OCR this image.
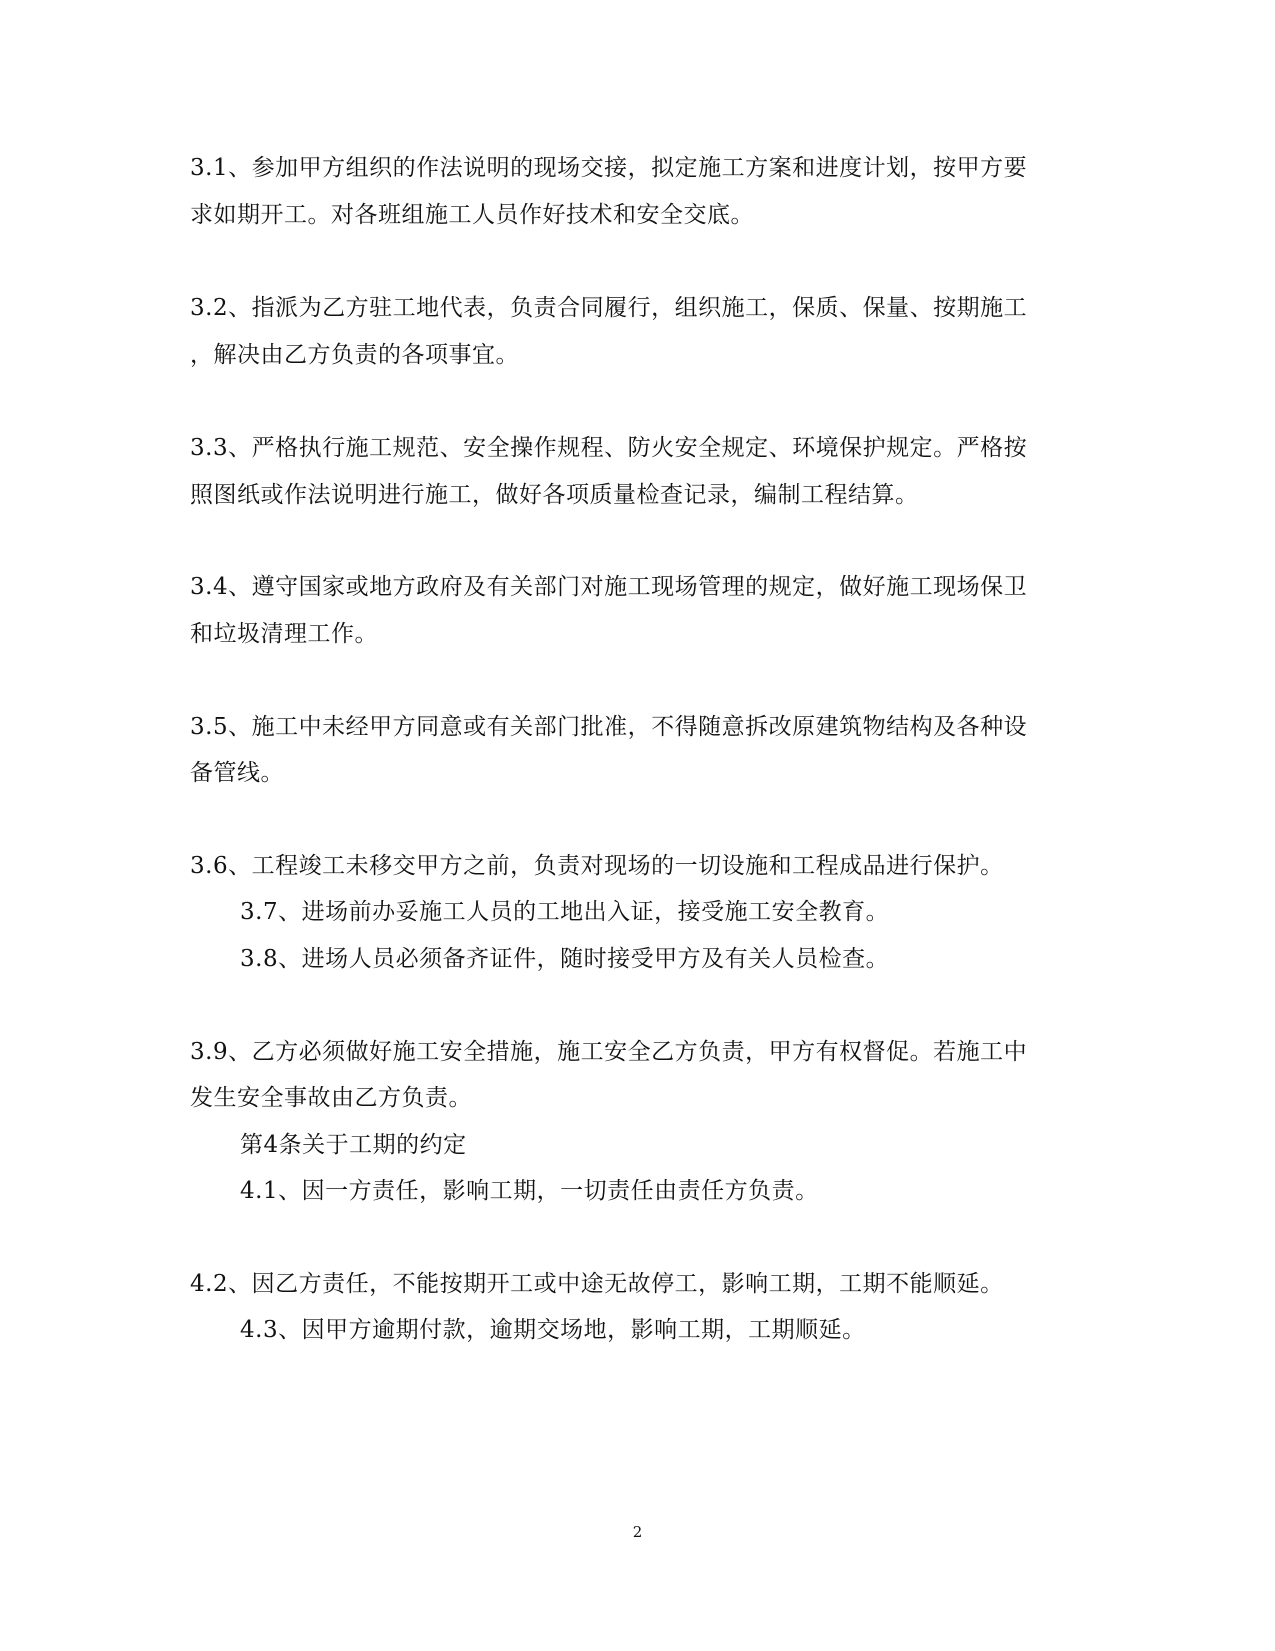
3.1、参加甲方组织的作法说明的现场交接，拟定施工方案和进度计划，按甲方要
求如期开工。对各班组施工人员作好技术和安全交底。
3.2、指派为乙方驻工地代表，负责合同履行，组织施工，保质、保量、按期施工
，解决由乙方负责的各项事宜。
3.3、严格执行施工规范、安全操作规程、防火安全规定、环境保护规定。严格按
照图纸或作法说明进行施工，做好各项质量检查记录，编制工程结算。
3.4、遵守国家或地方政府及有关部门对施工现场管理的规定，做好施工现场保卫
和垃圾清理工作。
3.5、施工中未经甲方同意或有关部门批准，不得随意拆改原建筑物结构及各种设
备管线。
3.6、工程竣工未移交甲方之前，负责对现场的一切设施和工程成品进行保护。
3.7、进场前办妥施工人员的工地出入证，接受施工安全教育。
3.8、进场人员必须备齐证件，随时接受甲方及有关人员检查。
3.9、乙方必须做好施工安全措施，施工安全乙方负责，甲方有权督促。若施工中
发生安全事故由乙方负责。
第4条关于工期的约定
4.1、因一方责任，影响工期，一切责任由责任方负责。
4.2、因乙方责任，不能按期开工或中途无故停工，影响工期，工期不能顺延。
4.3、因甲方逾期付款，逾期交场地，影响工期，工期顺延。
2
